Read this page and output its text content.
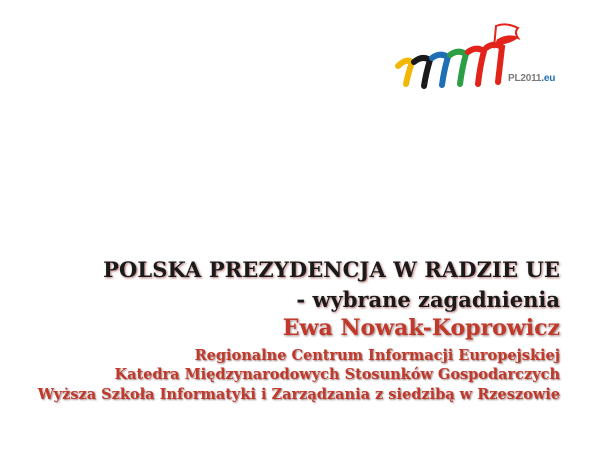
PL2011.eu

POLSKA PREZYDENCJA W RADZIE UE

- wybrane zagadnienia

Ewa Nowak-Koprowicz

Regionalne Centrum Informacji Europejskiej

Katedra Międzynarodowych Stosunków Gospodarczych

Wyższa Szkoła Informatyki i Zarządzania z siedzibą w Rzeszowie
